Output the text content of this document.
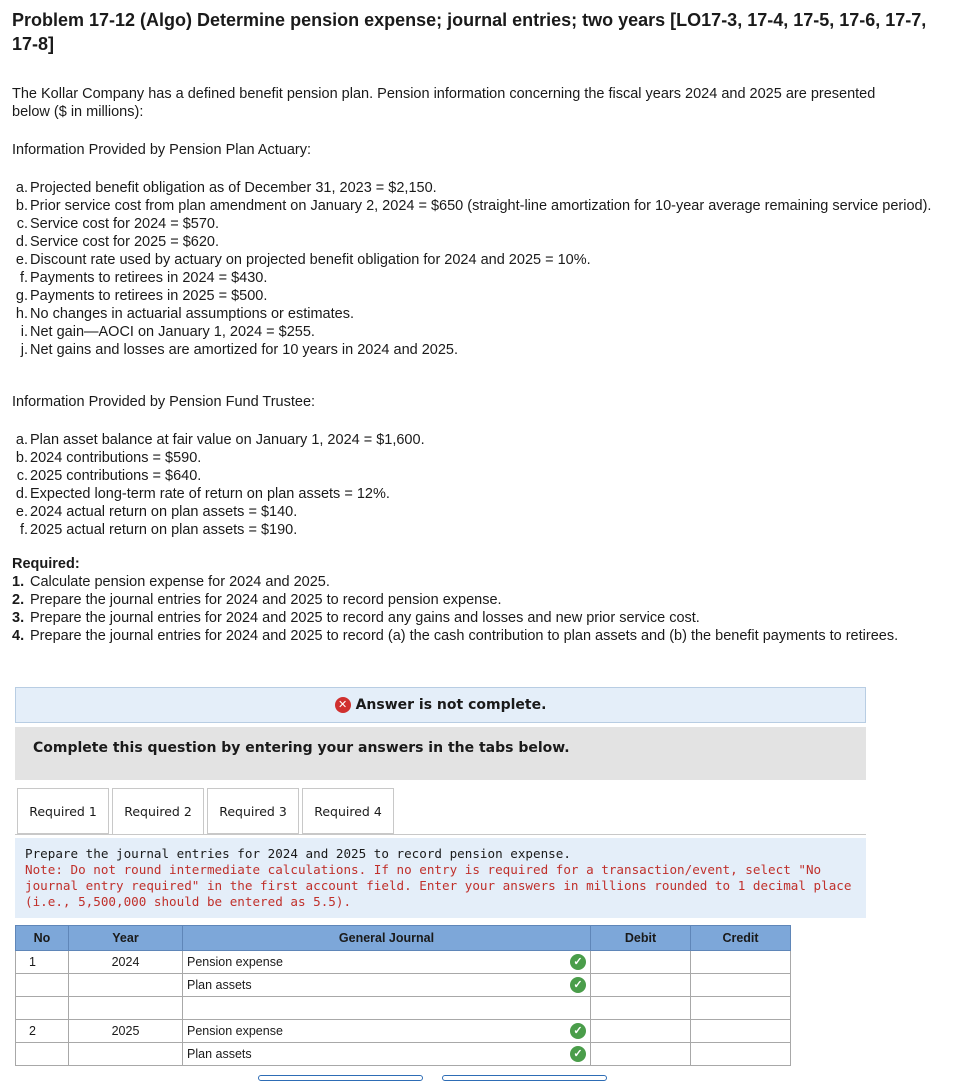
Problem 17-12 (Algo) Determine pension expense; journal entries; two years [LO17-3, 17-4, 17-5, 17-6, 17-7, 17-8]

The Kollar Company has a defined benefit pension plan. Pension information concerning the fiscal years 2024 and 2025 are presented below ($ in millions):

Information Provided by Pension Plan Actuary:

a. Projected benefit obligation as of December 31, 2023 = $2,150.
b. Prior service cost from plan amendment on January 2, 2024 = $650 (straight-line amortization for 10-year average remaining service period).
c. Service cost for 2024 = $570.
d. Service cost for 2025 = $620.
e. Discount rate used by actuary on projected benefit obligation for 2024 and 2025 = 10%.
f. Payments to retirees in 2024 = $430.
g. Payments to retirees in 2025 = $500.
h. No changes in actuarial assumptions or estimates.
i. Net gain—AOCI on January 1, 2024 = $255.
j. Net gains and losses are amortized for 10 years in 2024 and 2025.

Information Provided by Pension Fund Trustee:

a. Plan asset balance at fair value on January 1, 2024 = $1,600.
b. 2024 contributions = $590.
c. 2025 contributions = $640.
d. Expected long-term rate of return on plan assets = 12%.
e. 2024 actual return on plan assets = $140.
f. 2025 actual return on plan assets = $190.

Required:

1. Calculate pension expense for 2024 and 2025.
2. Prepare the journal entries for 2024 and 2025 to record pension expense.
3. Prepare the journal entries for 2024 and 2025 to record any gains and losses and new prior service cost.
4. Prepare the journal entries for 2024 and 2025 to record (a) the cash contribution to plan assets and (b) the benefit payments to retirees.
✕ Answer is not complete.
Complete this question by entering your answers in the tabs below.
Required 1	Required 2	Required 3	Required 4
Prepare the journal entries for 2024 and 2025 to record pension expense.
Note: Do not round intermediate calculations. If no entry is required for a transaction/event, select "No journal entry required" in the first account field. Enter your answers in millions rounded to 1 decimal place (i.e., 5,500,000 should be entered as 5.5).
No	Year	General Journal	Debit	Credit
1	2024	Pension expense ✓		

		Plan assets ✓		

2	2025	Pension expense ✓		

		Plan assets ✓		
